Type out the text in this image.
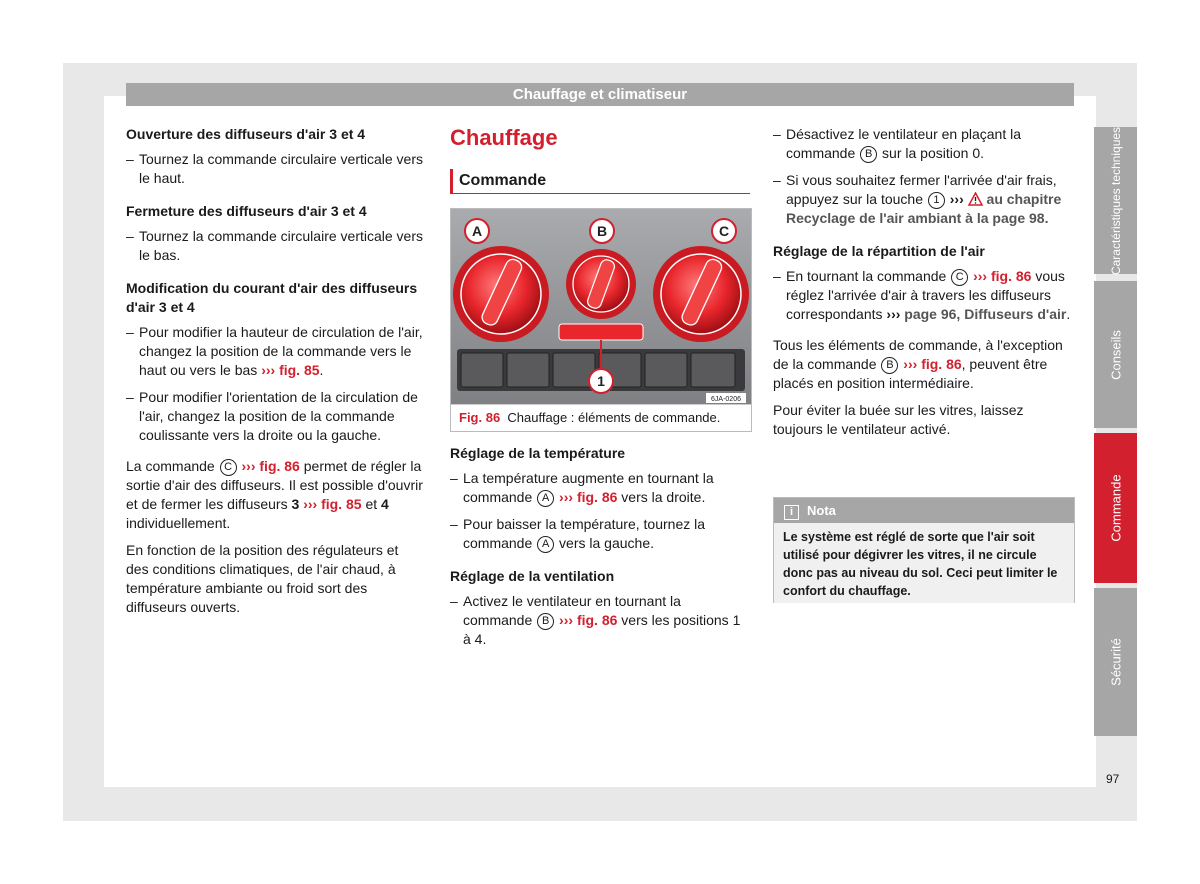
Chauffage et climatiseur
Ouverture des diffuseurs d'air 3 et 4
– Tournez la commande circulaire verticale vers le haut.
Fermeture des diffuseurs d'air 3 et 4
– Tournez la commande circulaire verticale vers le bas.
Modification du courant d'air des diffuseurs d'air 3 et 4
– Pour modifier la hauteur de circulation de l'air, changez la position de la commande vers le haut ou vers le bas ››› fig. 85.
– Pour modifier l'orientation de la circulation de l'air, changez la position de la commande coulissante vers la droite ou la gauche.

La commande C ››› fig. 86 permet de régler la sortie d'air des diffuseurs. Il est possible d'ouvrir et de fermer les diffuseurs 3 ››› fig. 85 et 4 individuellement.

En fonction de la position des régulateurs et des conditions climatiques, de l'air chaud, à température ambiante ou froid sort des diffuseurs ouverts.

Chauffage
Commande
A	B	C
1
6JA-0206
Fig. 86 Chauffage : éléments de commande.
Réglage de la température
– La température augmente en tournant la commande A ››› fig. 86 vers la droite.
– Pour baisser la température, tournez la commande A vers la gauche.
Réglage de la ventilation
– Activez le ventilateur en tournant la commande B ››› fig. 86 vers les positions 1 à 4.
– Désactivez le ventilateur en plaçant la commande B sur la position 0.
– Si vous souhaitez fermer l'arrivée d'air frais, appuyez sur la touche 1 ››› au chapitre Recyclage de l'air ambiant à la page 98.
Réglage de la répartition de l'air
– En tournant la commande C ››› fig. 86 vous réglez l'arrivée d'air à travers les diffuseurs correspondants ››› page 96, Diffuseurs d'air.

Tous les éléments de commande, à l'exception de la commande B ››› fig. 86, peuvent être placés en position intermédiaire.

Pour éviter la buée sur les vitres, laissez toujours le ventilateur activé.

i Nota
Le système est réglé de sorte que l'air soit utilisé pour dégivrer les vitres, il ne circule donc pas au niveau du sol. Ceci peut limiter le confort du chauffage.
Caractéristiques techniques
Conseils
Commande
Sécurité
97
